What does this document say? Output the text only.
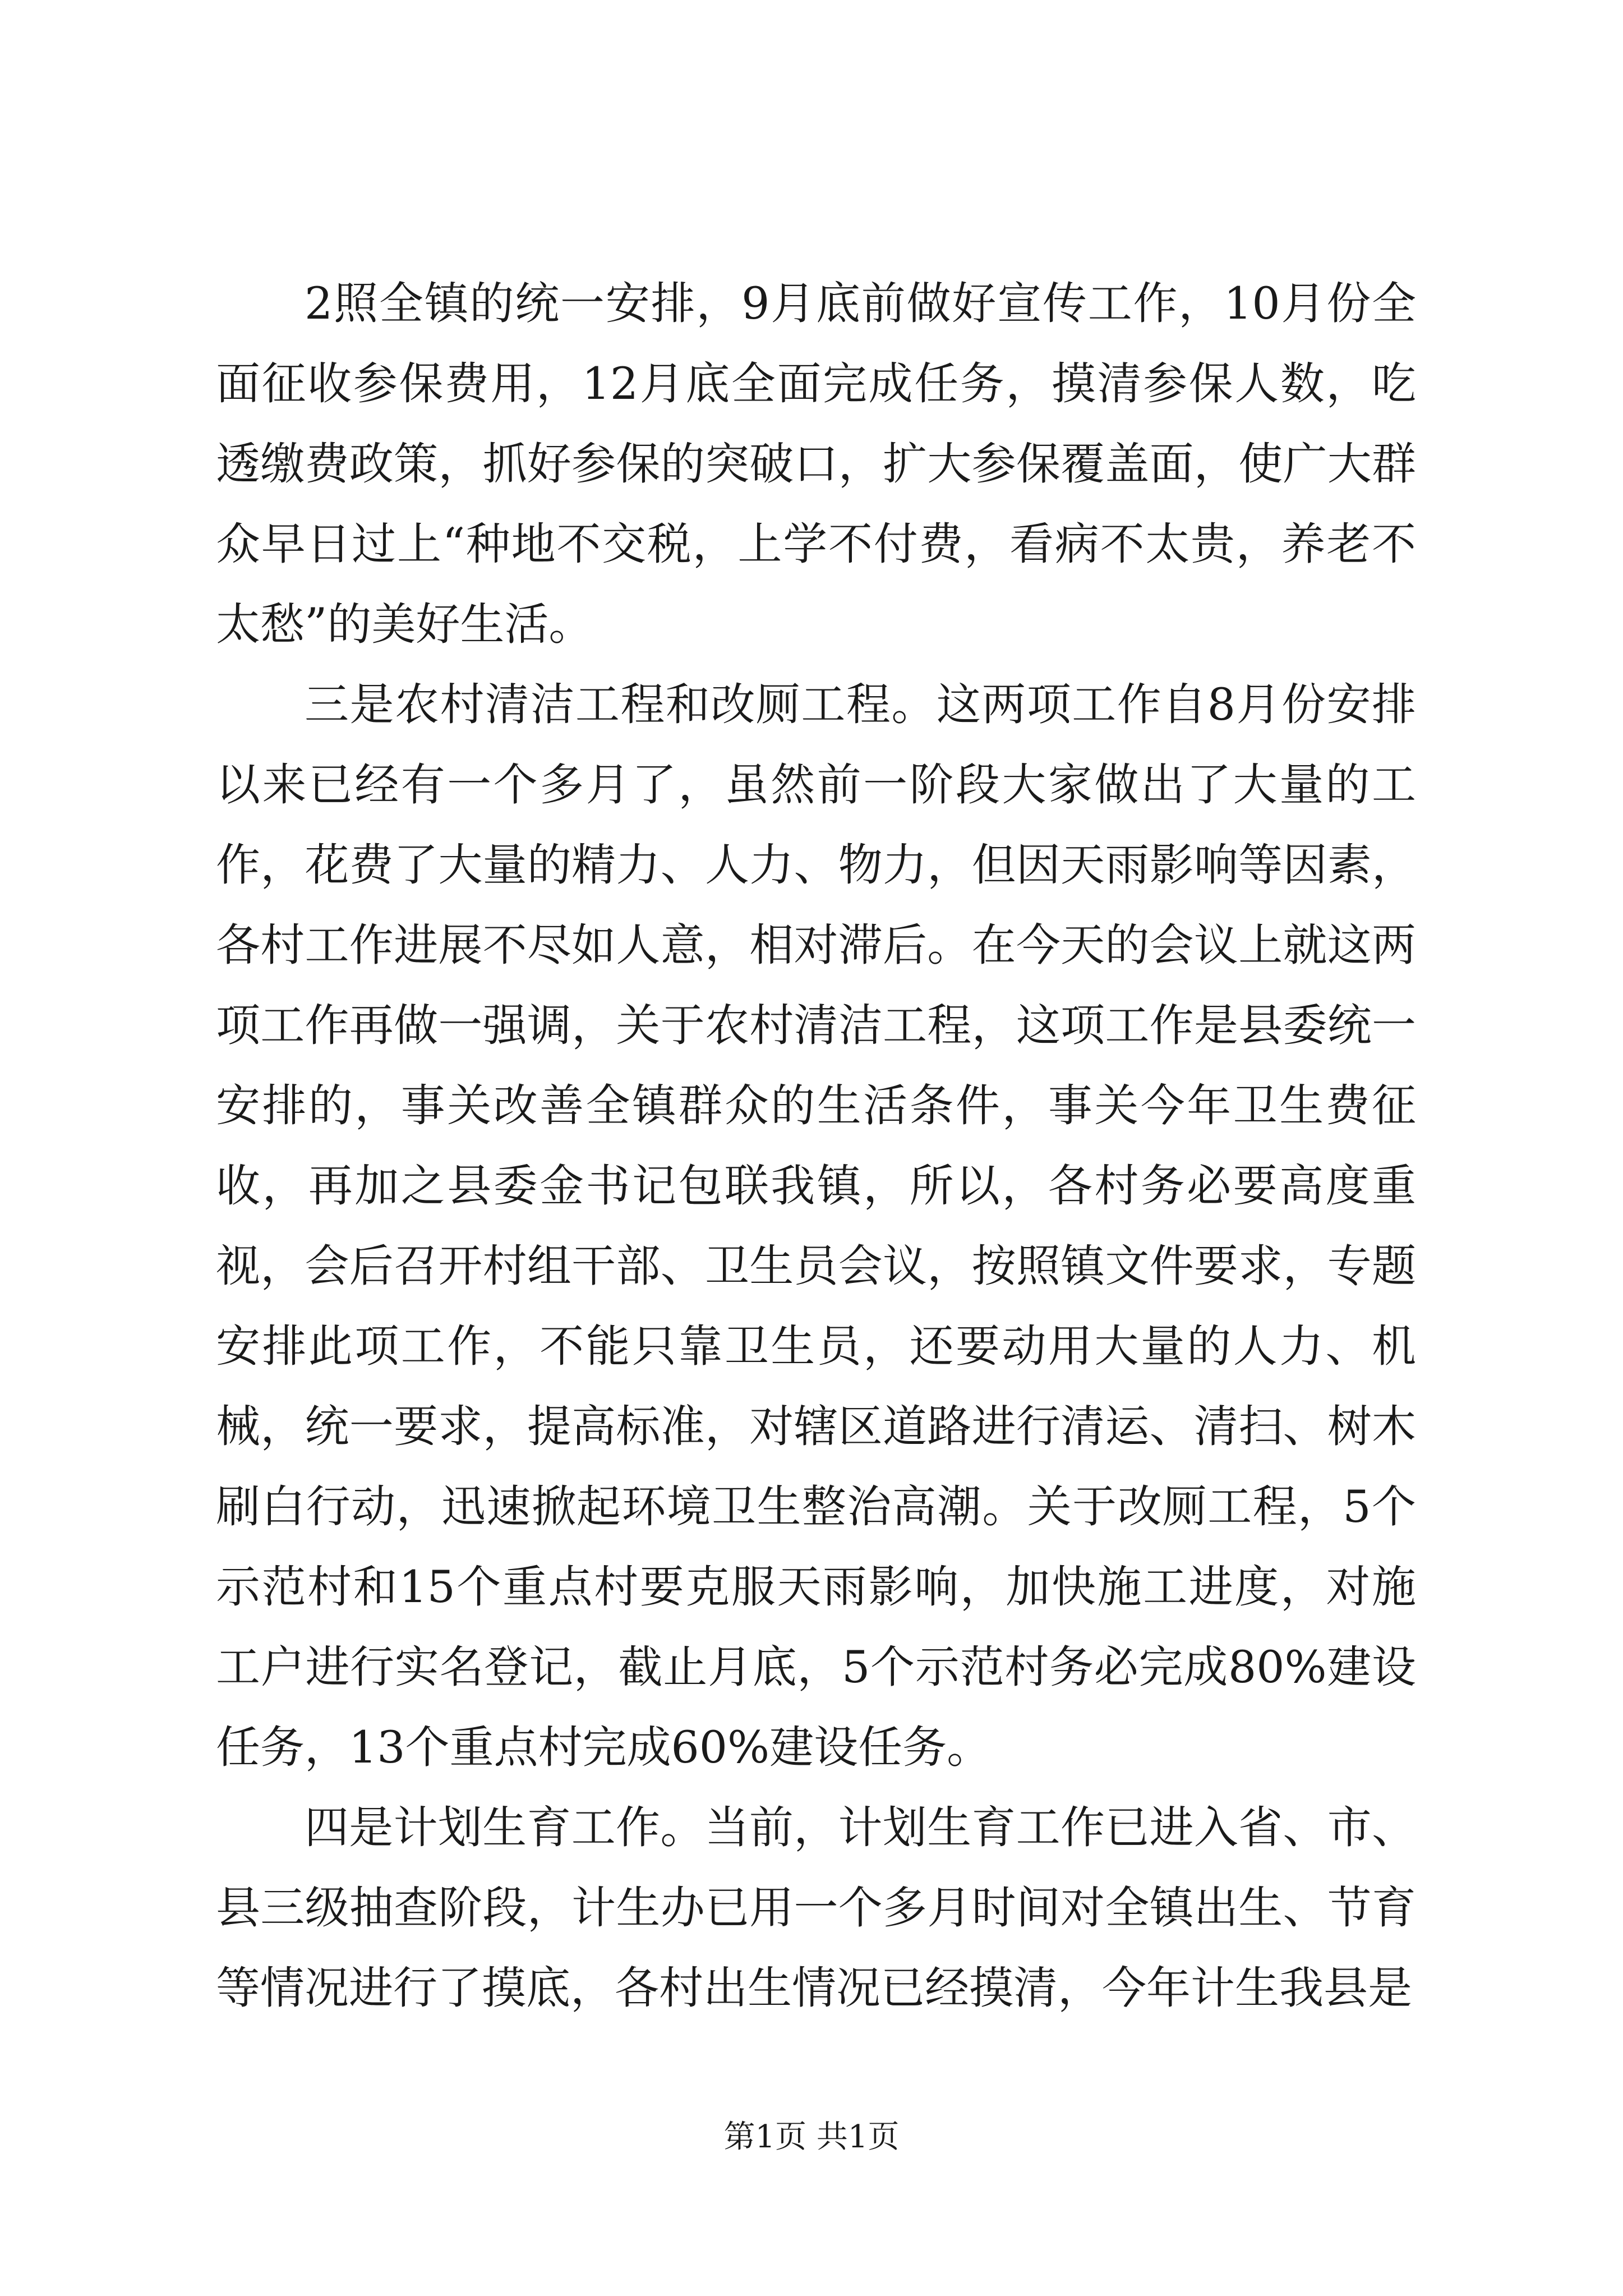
2照全镇的统一安排，9月底前做好宣传工作，10月份全面征收参保费用，12月底全面完成任务，摸清参保人数，吃透缴费政策，抓好参保的突破口，扩大参保覆盖面，使广大群众早日过上“种地不交税，上学不付费，看病不太贵，养老不太愁”的美好生活。

三是农村清洁工程和改厕工程。这两项工作自8月份安排以来已经有一个多月了，虽然前一阶段大家做出了大量的工作，花费了大量的精力、人力、物力，但因天雨影响等因素，各村工作进展不尽如人意，相对滞后。在今天的会议上就这两项工作再做一强调，关于农村清洁工程，这项工作是县委统一安排的，事关改善全镇群众的生活条件，事关今年卫生费征收，再加之县委金书记包联我镇，所以，各村务必要高度重视，会后召开村组干部、卫生员会议，按照镇文件要求，专题安排此项工作，不能只靠卫生员，还要动用大量的人力、机械，统一要求，提高标准，对辖区道路进行清运、清扫、树木刷白行动，迅速掀起环境卫生整治高潮。关于改厕工程，5个示范村和15个重点村要克服天雨影响，加快施工进度，对施工户进行实名登记，截止月底，5个示范村务必完成80%建设任务，13个重点村完成60%建设任务。

四是计划生育工作。当前，计划生育工作已进入省、市、县三级抽查阶段，计生办已用一个多月时间对全镇出生、节育等情况进行了摸底，各村出生情况已经摸清，今年计生我县是

第1页 共1页
